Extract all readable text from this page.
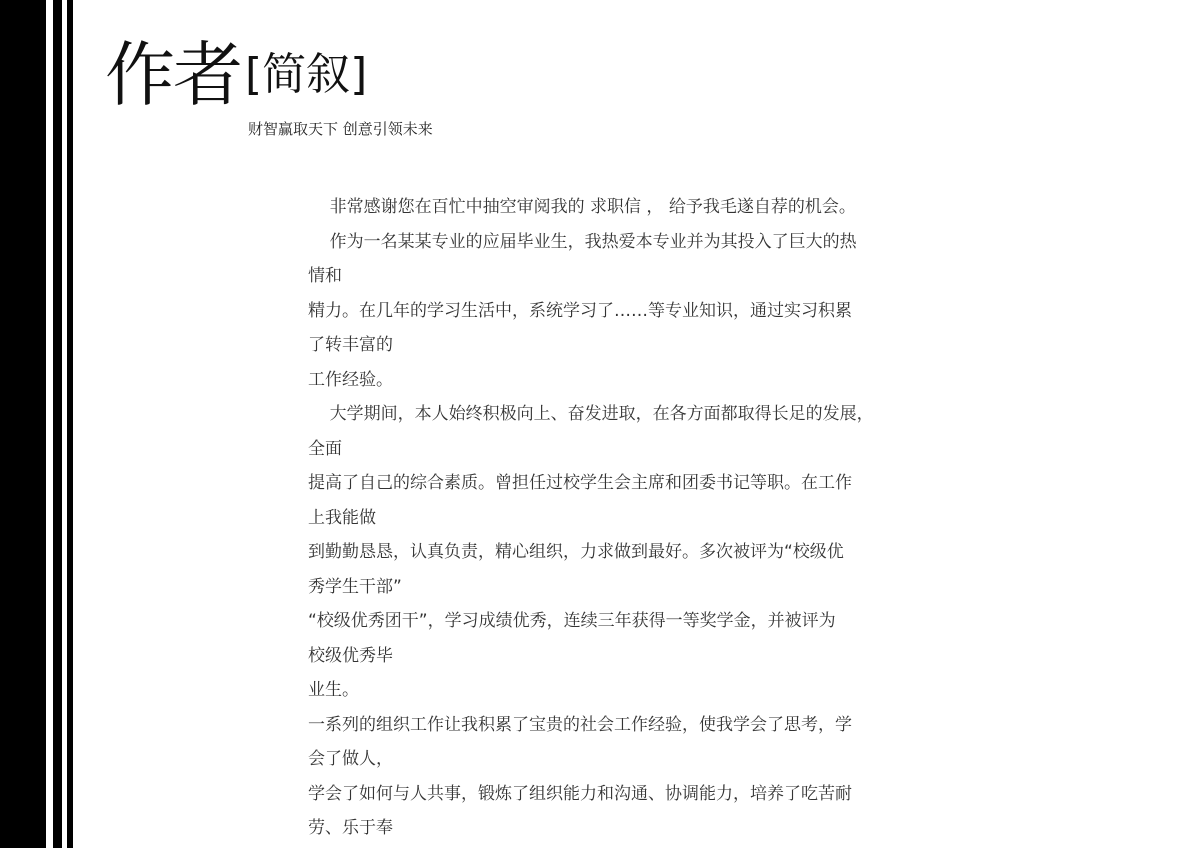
作者[简叙]
财智赢取天下 创意引领未来
非常感谢您在百忙中抽空审阅我的 求职信 ， 给予我毛遂自荐的机会。
作为一名某某专业的应届毕业生，我热爱本专业并为其投入了巨大的热
情和
精力。在几年的学习生活中，系统学习了……等专业知识，通过实习积累
了转丰富的
工作经验。
大学期间，本人始终积极向上、奋发进取，在各方面都取得长足的发展，
全面
提高了自己的综合素质。曾担任过校学生会主席和团委书记等职。在工作
上我能做
到勤勤恳恳，认真负责，精心组织，力求做到最好。多次被评为“校级优
秀学生干部”
“校级优秀团干”，学习成绩优秀，连续三年获得一等奖学金，并被评为
校级优秀毕
业生。
一系列的组织工作让我积累了宝贵的社会工作经验，使我学会了思考，学
会了做人，
学会了如何与人共事，锻炼了组织能力和沟通、协调能力，培养了吃苦耐
劳、乐于奉
